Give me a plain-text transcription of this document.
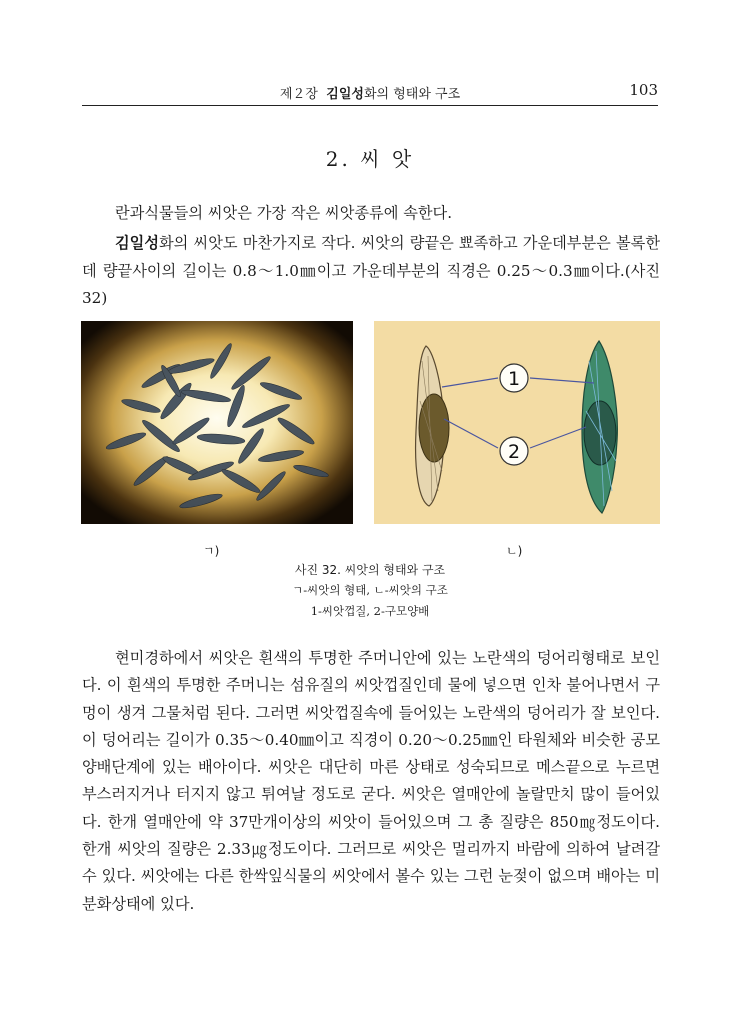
제２장 김일성화의 형태와 구조	103
2. 씨 앗
란과식물들의 씨앗은 가장 작은 씨앗종류에 속한다.
김일성화의 씨앗도 마찬가지로 작다. 씨앗의 량끝은 뾰족하고 가운데부분은 볼록한데 량끝사이의 길이는 0.8〜1.0㎜이고 가운데부분의 직경은 0.25〜0.3㎜이다.(사진 32)
1
2
ㄱ)	ㄴ)
사진 32. 씨앗의 형태와 구조
ㄱ-씨앗의 형태, ㄴ-씨앗의 구조
1-씨앗껍질, 2-구모양배
현미경하에서 씨앗은 흰색의 투명한 주머니안에 있는 노란색의 덩어리형태로 보인다. 이 흰색의 투명한 주머니는 섬유질의 씨앗껍질인데 물에 넣으면 인차 불어나면서 구멍이 생겨 그물처럼 된다. 그러면 씨앗껍질속에 들어있는 노란색의 덩어리가 잘 보인다. 이 덩어리는 길이가 0.35〜0.40㎜이고 직경이 0.20〜0.25㎜인 타원체와 비슷한 공모양배단계에 있는 배아이다. 씨앗은 대단히 마른 상태로 성숙되므로 메스끝으로 누르면 부스러지거나 터지지 않고 튀여날 정도로 굳다. 씨앗은 열매안에 놀랄만치 많이 들어있다. 한개 열매안에 약 37만개이상의 씨앗이 들어있으며 그 총 질량은 850㎎정도이다. 한개 씨앗의 질량은 2.33㎍정도이다. 그러므로 씨앗은 멀리까지 바람에 의하여 날려갈수 있다. 씨앗에는 다른 한싹잎식물의 씨앗에서 볼수 있는 그런 눈젖이 없으며 배아는 미분화상태에 있다.
